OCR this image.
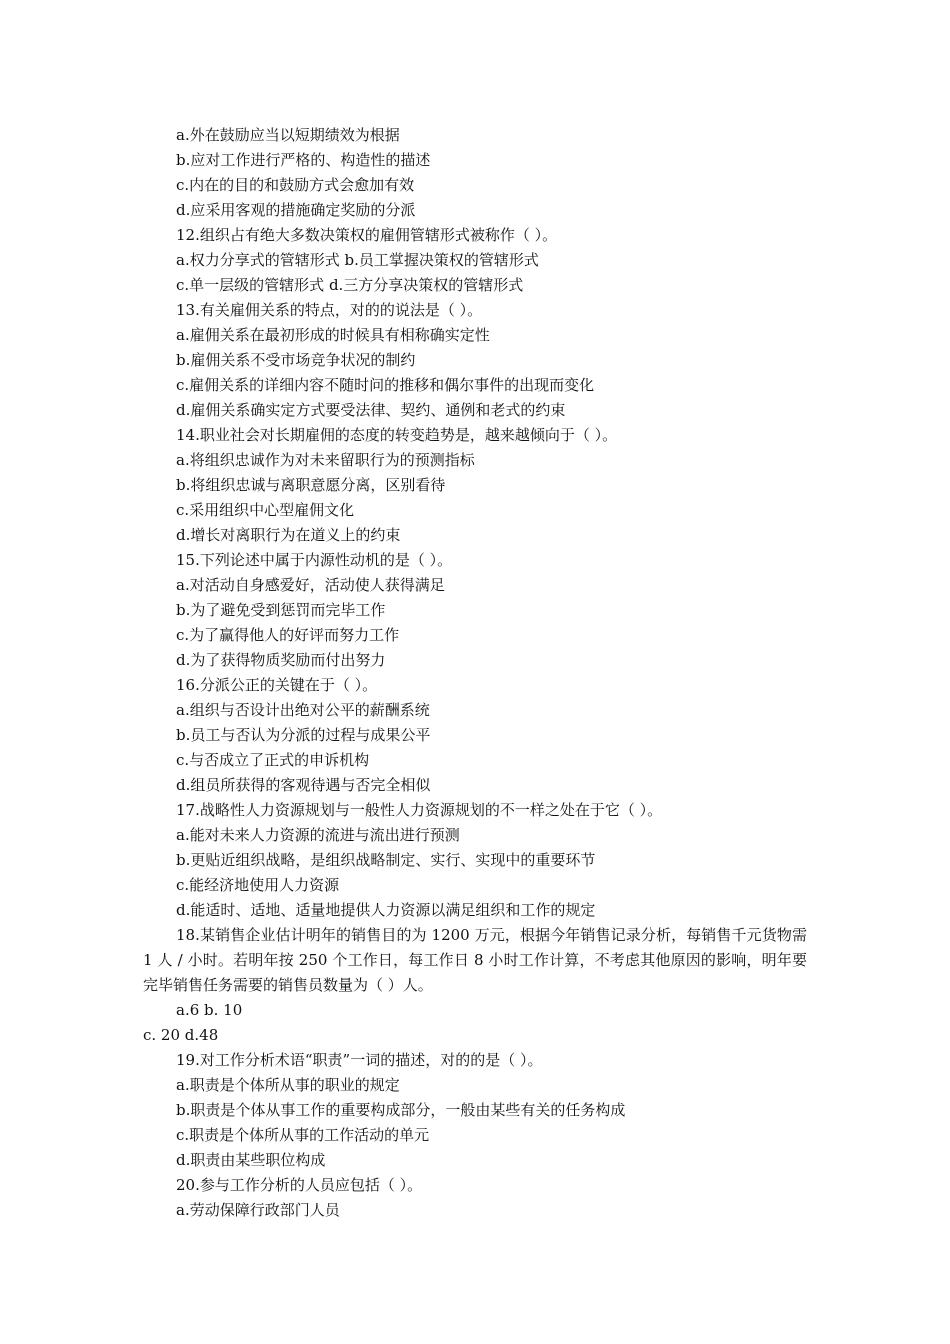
a.外在鼓励应当以短期绩效为根据
b.应对工作进行严格的、构造性的描述
c.内在的目的和鼓励方式会愈加有效
d.应采用客观的措施确定奖励的分派
12.组织占有绝大多数决策权的雇佣管辖形式被称作（ ）。
a.权力分享式的管辖形式 b.员工掌握决策权的管辖形式
c.单一层级的管辖形式 d.三方分享决策权的管辖形式
13.有关雇佣关系的特点，对的的说法是（ ）。
a.雇佣关系在最初形成的时候具有相称确实定性
b.雇佣关系不受市场竞争状况的制约
c.雇佣关系的详细内容不随时问的推移和偶尔事件的出现而变化
d.雇佣关系确实定方式要受法律、契约、通例和老式的约束
14.职业社会对长期雇佣的态度的转变趋势是，越来越倾向于（ ）。
a.将组织忠诚作为对未来留职行为的预测指标
b.将组织忠诚与离职意愿分离，区别看待
c.采用组织中心型雇佣文化
d.增长对离职行为在道义上的约束
15.下列论述中属于内源性动机的是（ ）。
a.对活动自身感爱好，活动使人获得满足
b.为了避免受到惩罚而完毕工作
c.为了赢得他人的好评而努力工作
d.为了获得物质奖励而付出努力
16.分派公正的关键在于（ ）。
a.组织与否设计出绝对公平的薪酬系统
b.员工与否认为分派的过程与成果公平
c.与否成立了正式的申诉机构
d.组员所获得的客观待遇与否完全相似
17.战略性人力资源规划与一般性人力资源规划的不一样之处在于它（ ）。
a.能对未来人力资源的流进与流出进行预测
b.更贴近组织战略，是组织战略制定、实行、实现中的重要环节
c.能经济地使用人力资源
d.能适时、适地、适量地提供人力资源以满足组织和工作的规定
18.某销售企业估计明年的销售目的为 1200 万元，根据今年销售记录分析，每销售千元货物需 1 人 / 小时。若明年按 250 个工作日，每工作日 8 小时工作计算，不考虑其他原因的影响，明年要完毕销售任务需要的销售员数量为（ ）人。
a.6 b. 10
c. 20 d.48
19.对工作分析术语“职责”一词的描述，对的的是（ ）。
a.职责是个体所从事的职业的规定
b.职责是个体从事工作的重要构成部分，一般由某些有关的任务构成
c.职责是个体所从事的工作活动的单元
d.职责由某些职位构成
20.参与工作分析的人员应包括（ ）。
a.劳动保障行政部门人员
